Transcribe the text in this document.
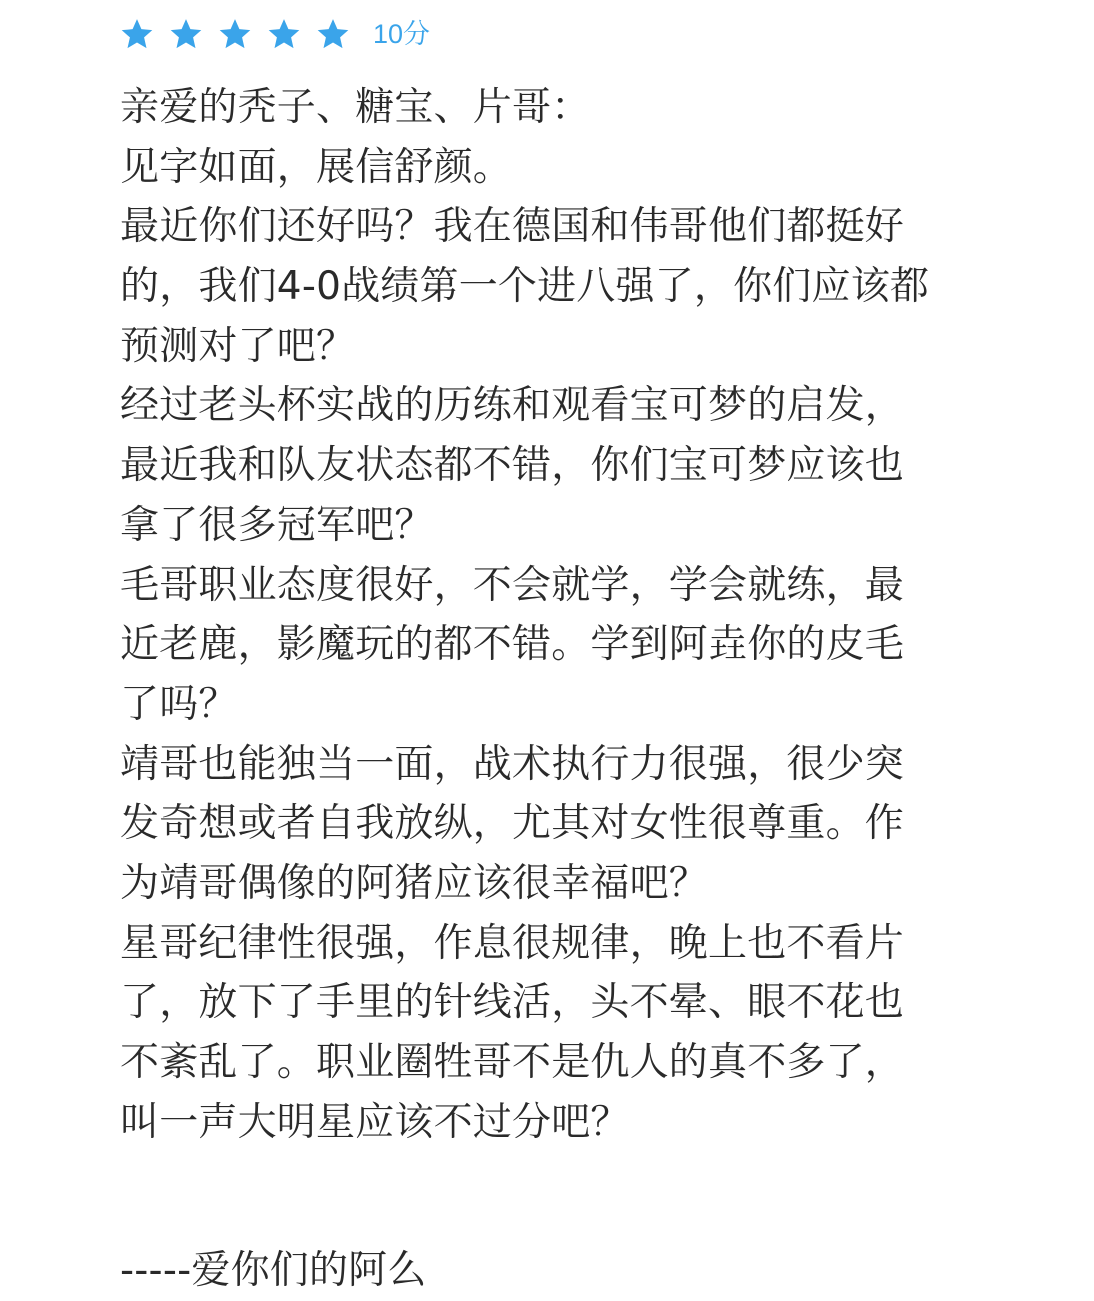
10分
亲爱的秃子、糖宝、片哥：
见字如面，展信舒颜。
最近你们还好吗？我在德国和伟哥他们都挺好
的，我们4-0战绩第一个进八强了，你们应该都
预测对了吧？
经过老头杯实战的历练和观看宝可梦的启发，
最近我和队友状态都不错，你们宝可梦应该也
拿了很多冠军吧？
毛哥职业态度很好，不会就学，学会就练，最
近老鹿，影魔玩的都不错。学到阿垚你的皮毛
了吗？
靖哥也能独当一面，战术执行力很强，很少突
发奇想或者自我放纵，尤其对女性很尊重。作
为靖哥偶像的阿猪应该很幸福吧？
星哥纪律性很强，作息很规律，晚上也不看片
了，放下了手里的针线活，头不晕、眼不花也
不紊乱了。职业圈牲哥不是仇人的真不多了，
叫一声大明星应该不过分吧？
-----爱你们的阿么
